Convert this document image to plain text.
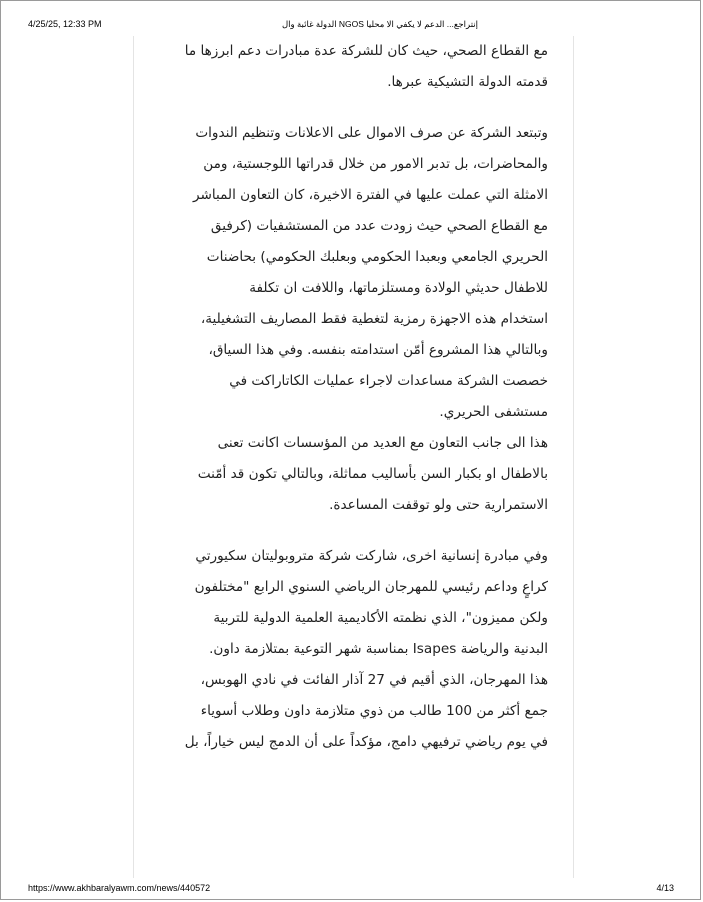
4/25/25, 12:33 PM	إنتراجع... الدعم لا يكفي الا محليا NGOS الدولة غائبة وال

مع القطاع الصحي، حيث كان للشركة عدة مبادرات دعم ابرزها ما

قدمته الدولة التشيكية عبرها.

وتبتعد الشركة عن صرف الاموال على الاعلانات وتنظيم الندوات

والمحاضرات، بل تدبر الامور من خلال قدراتها اللوجستية، ومن

الامثلة التي عملت عليها في الفترة الاخيرة، كان التعاون المباشر

مع القطاع الصحي حيث زودت عدد من المستشفيات (كرفيق

الحريري الجامعي وبعبدا الحكومي وبعلبك الحكومي) بحاضنات

للاطفال حديثي الولادة ومستلزماتها، واللافت ان تكلفة

استخدام هذه الاجهزة رمزية لتغطية فقط المصاريف التشغيلية،

وبالتالي هذا المشروع أمّن استدامته بنفسه. وفي هذا السياق،

خصصت الشركة مساعدات لاجراء عمليات الكاتاراكت في

مستشفى الحريري.

هذا الى جانب التعاون مع العديد من المؤسسات اكانت تعنى

بالاطفال او بكبار السن بأساليب مماثلة، وبالتالي تكون قد أمّنت

الاستمرارية حتى ولو توقفت المساعدة.

وفي مبادرة إنسانية اخرى، شاركت شركة متروبوليتان سكيورتي

كراعٍ وداعم رئيسي للمهرجان الرياضي السنوي الرابع "مختلفون

ولكن مميزون"، الذي نظمته الأكاديمية العلمية الدولية للتربية

البدنية والرياضة Isapes بمناسبة شهر التوعية بمتلازمة داون.

هذا المهرجان، الذي أقيم في 27 آذار الفائت في نادي الهوبس،

جمع أكثر من 100 طالب من ذوي متلازمة داون وطلاب أسوياء

في يوم رياضي ترفيهي دامج، مؤكداً على أن الدمج ليس خياراً، بل

https://www.akhbaralyawm.com/news/440572	4/13
